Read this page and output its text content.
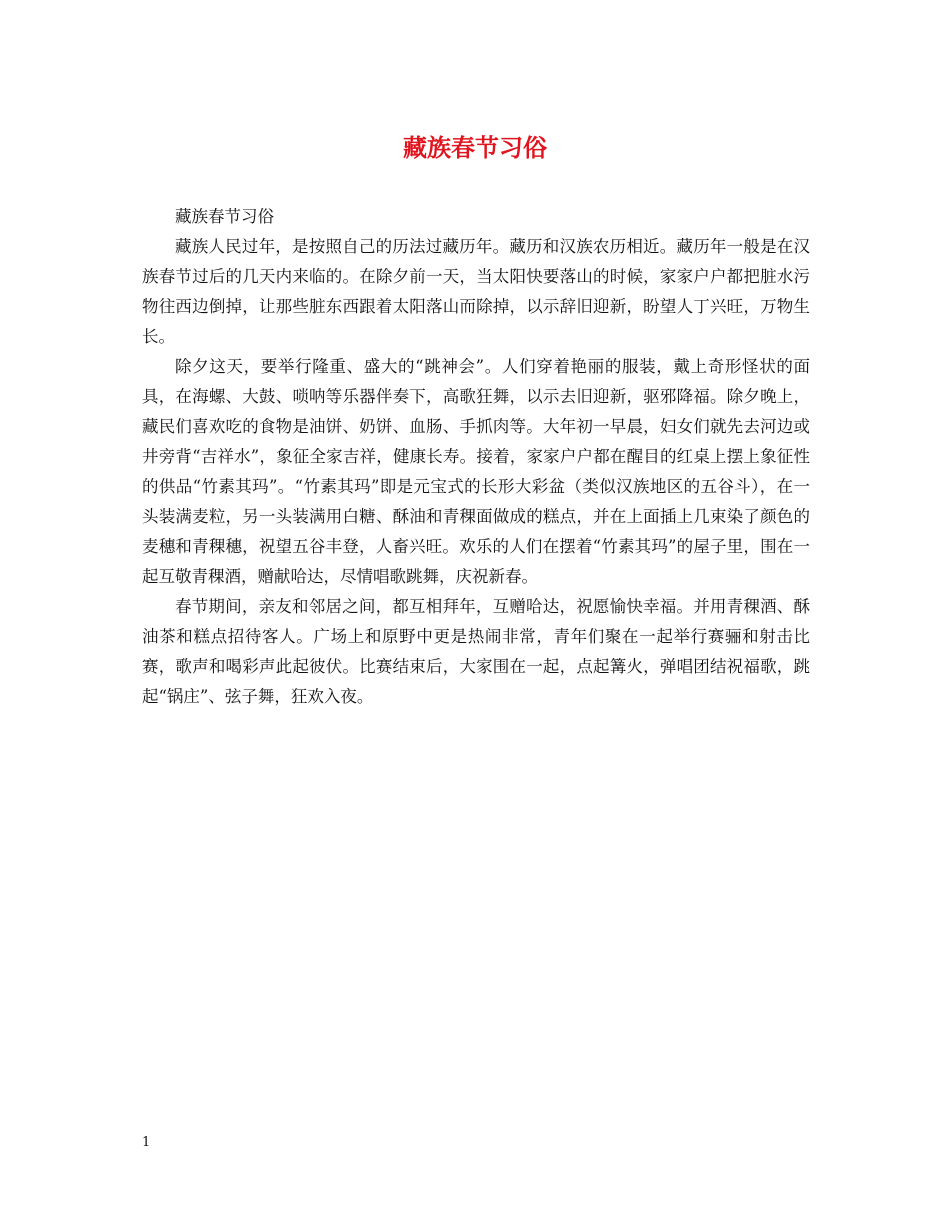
藏族春节习俗

藏族春节习俗

藏族人民过年，是按照自己的历法过藏历年。藏历和汉族农历相近。藏历年一般是在汉族春节过后的几天内来临的。在除夕前一天，当太阳快要落山的时候，家家户户都把脏水污物往西边倒掉，让那些脏东西跟着太阳落山而除掉，以示辞旧迎新，盼望人丁兴旺，万物生长。

除夕这天，要举行隆重、盛大的“跳神会”。人们穿着艳丽的服装，戴上奇形怪状的面具，在海螺、大鼓、唢呐等乐器伴奏下，高歌狂舞，以示去旧迎新，驱邪降福。除夕晚上，藏民们喜欢吃的食物是油饼、奶饼、血肠、手抓肉等。大年初一早晨，妇女们就先去河边或井旁背“吉祥水”，象征全家吉祥，健康长寿。接着，家家户户都在醒目的红桌上摆上象征性的供品“竹素其玛”。“竹素其玛”即是元宝式的长形大彩盆（类似汉族地区的五谷斗），在一头装满麦粒，另一头装满用白糖、酥油和青稞面做成的糕点，并在上面插上几束染了颜色的麦穗和青稞穗，祝望五谷丰登，人畜兴旺。欢乐的人们在摆着“竹素其玛”的屋子里，围在一起互敬青稞酒，赠献哈达，尽情唱歌跳舞，庆祝新春。

春节期间，亲友和邻居之间，都互相拜年，互赠哈达，祝愿愉快幸福。并用青稞酒、酥油茶和糕点招待客人。广场上和原野中更是热闹非常，青年们聚在一起举行赛骊和射击比赛，歌声和喝彩声此起彼伏。比赛结束后，大家围在一起，点起篝火，弹唱团结祝福歌，跳起“锅庄”、弦子舞，狂欢入夜。

1
